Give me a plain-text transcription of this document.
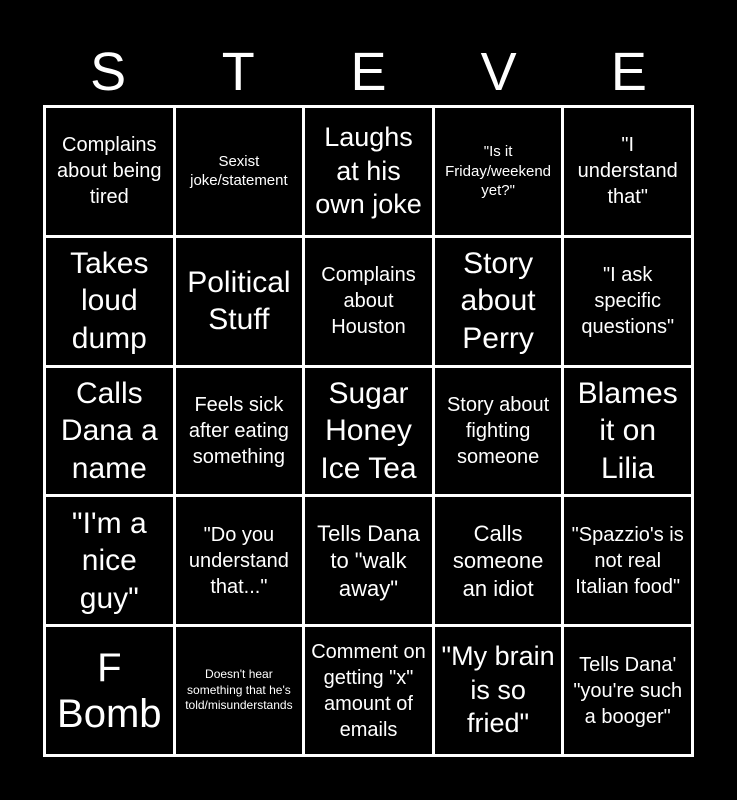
S	T	E	V	E
Complains about being tired
Sexist joke/statement
Laughs at his own joke
"Is it Friday/weekend yet?"
"I understand that"
Takes loud dump
Political Stuff
Complains about Houston
Story about Perry
"I ask specific questions"
Calls Dana a name
Feels sick after eating something
Sugar Honey Ice Tea
Story about fighting someone
Blames it on Lilia
"I'm a nice guy"
"Do you understand that..."
Tells Dana to "walk away"
Calls someone an idiot
"Spazzio's is not real Italian food"
F Bomb
Doesn't hear something that he's told/misunderstands
Comment on getting "x" amount of emails
"My brain is so fried"
Tells Dana' "you're such a booger"
